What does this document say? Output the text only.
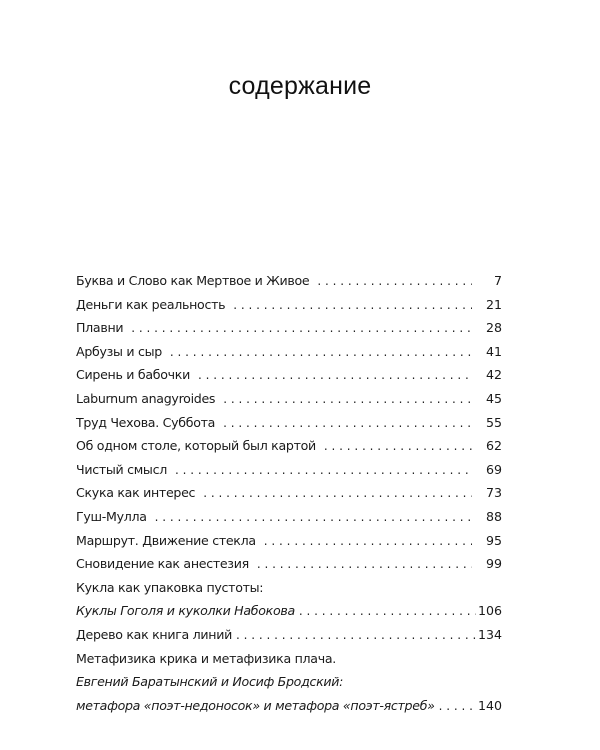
содержание
Буква и Слово как Мертвое и Живое . . .	7
Деньги как реальность . . .	21
Плавни . . .	28
Арбузы и сыр . . .	41
Сирень и бабочки . . .	42
Laburnum anagyroides . . .	45
Труд Чехова. Суббота . . .	55
Об одном столе, который был картой . . .	62
Чистый смысл . . .	69
Скука как интерес . . .	73
Гуш-Мулла . . .	88
Маршрут. Движение стекла . . .	95
Сновидение как анестезия . . .	99
Кукла как упаковка пустоты:
Куклы Гоголя и куколки Набокова . . .	106
Дерево как книга линий . . .	134
Метафизика крика и метафизика плача.
Евгений Баратынский и Иосиф Бродский:
метафора «поэт-недоносок» и метафора «поэт-ястреб» . . .	140
